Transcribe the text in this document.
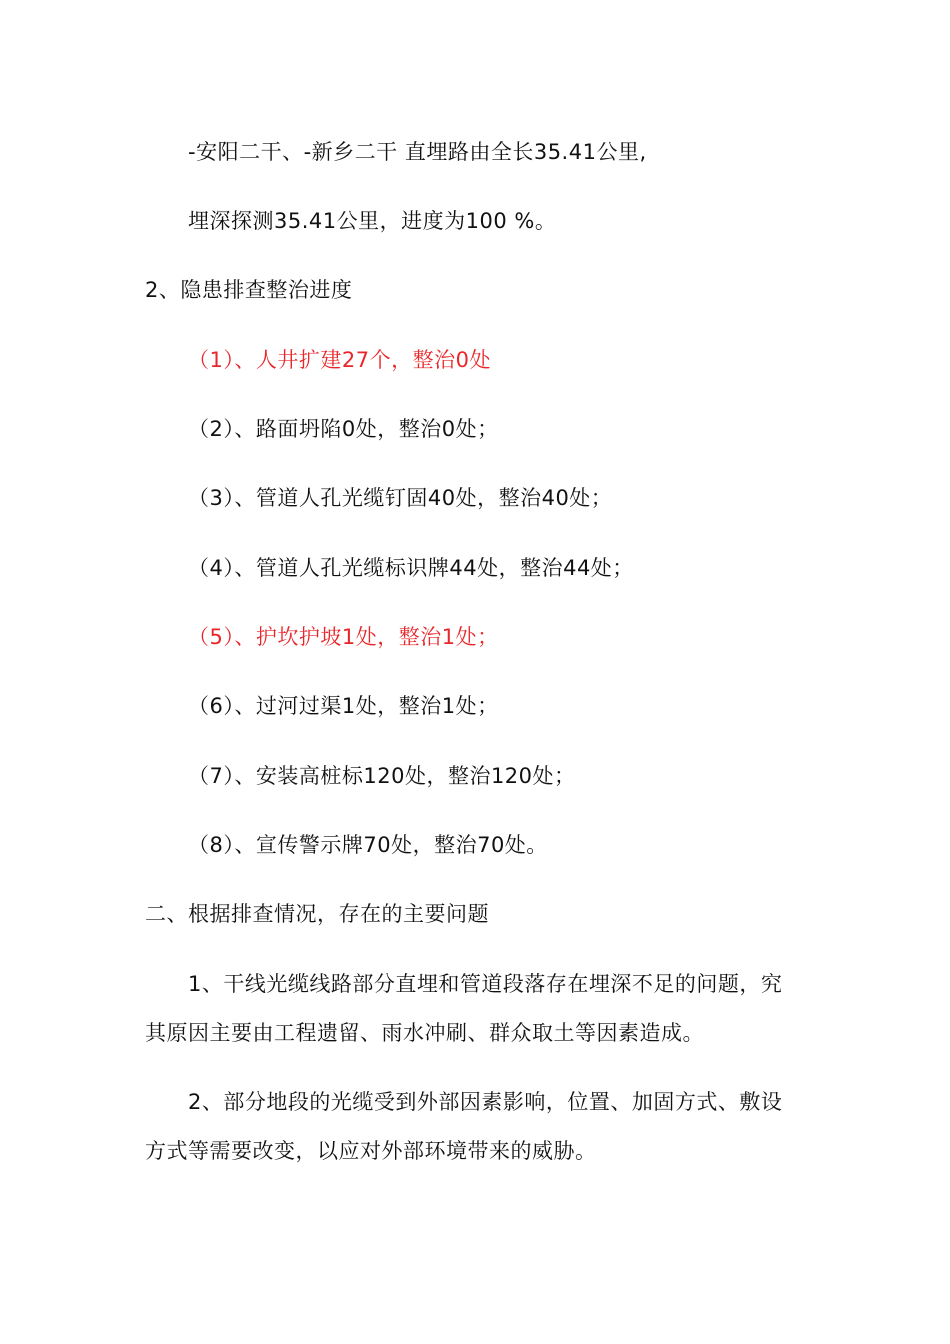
-安阳二干、-新乡二干 直埋路由全长35.41公里,
埋深探测35.41公里，进度为100 %。
2、隐患排查整治进度
（1）、人井扩建27个，整治0处
（2）、路面坍陷0处，整治0处；
（3）、管道人孔光缆钉固40处，整治40处；
（4）、管道人孔光缆标识牌44处，整治44处；
（5）、护坎护坡1处，整治1处；
（6）、过河过渠1处，整治1处；
（7）、安装高桩标120处，整治120处；
（8）、宣传警示牌70处，整治70处。
二、根据排查情况，存在的主要问题
1、干线光缆线路部分直埋和管道段落存在埋深不足的问题，究
其原因主要由工程遗留、雨水冲刷、群众取土等因素造成。
2、部分地段的光缆受到外部因素影响，位置、加固方式、敷设
方式等需要改变，以应对外部环境带来的威胁。
